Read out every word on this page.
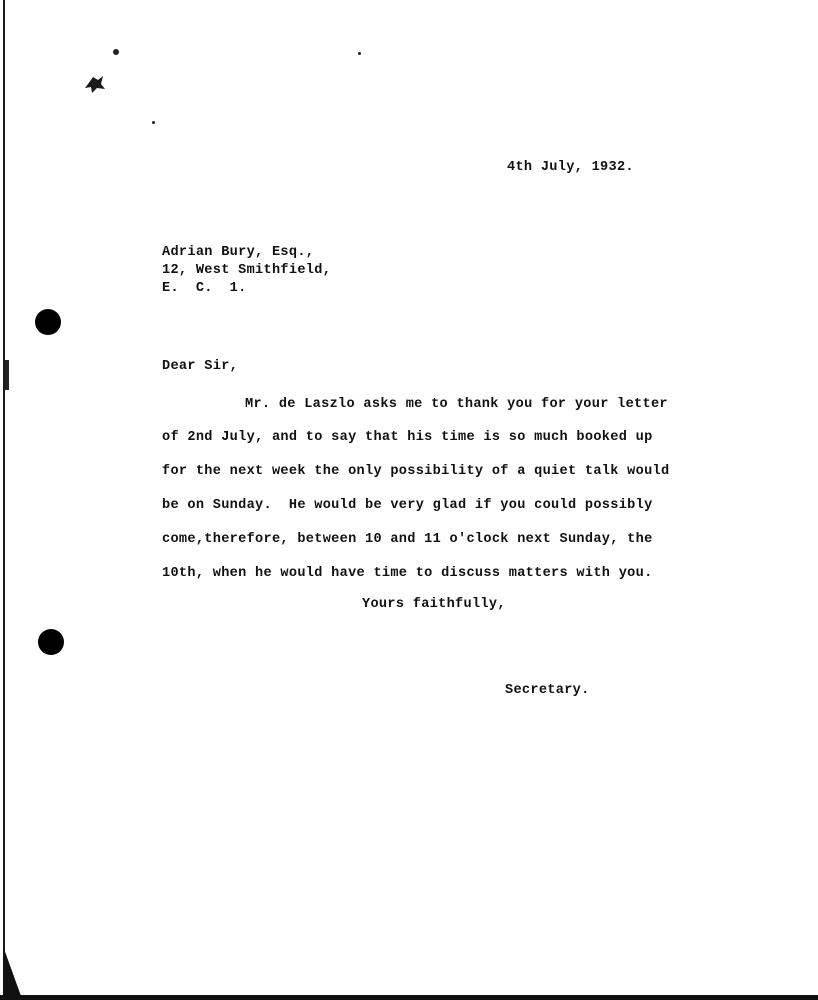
4th July, 1932.
Adrian Bury, Esq.,
12, West Smithfield,
E.  C.  1.
Dear Sir,
Mr. de Laszlo asks me to thank you for your letter
of 2nd July, and to say that his time is so much booked up
for the next week the only possibility of a quiet talk would
be on Sunday.  He would be very glad if you could possibly
come,therefore, between 10 and 11 o'clock next Sunday, the
10th, when he would have time to discuss matters with you.
Yours faithfully,
Secretary.
